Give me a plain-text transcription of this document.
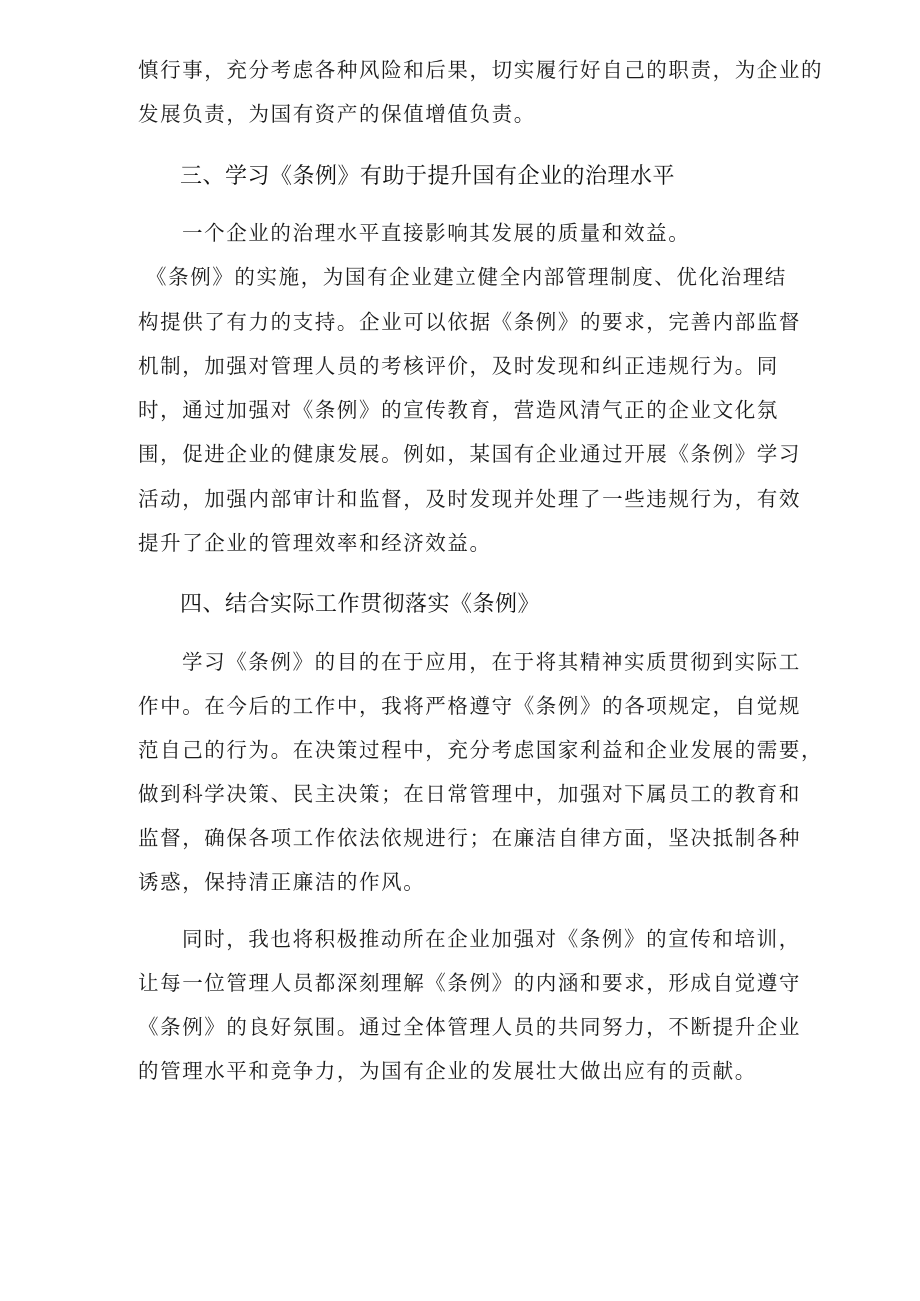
慎行事，充分考虑各种风险和后果，切实履行好自己的职责，为企业的
发展负责，为国有资产的保值增值负责。
三、学习《条例》有助于提升国有企业的治理水平
一个企业的治理水平直接影响其发展的质量和效益。
《条例》的实施，为国有企业建立健全内部管理制度、优化治理结
构提供了有力的支持。企业可以依据《条例》的要求，完善内部监督
机制，加强对管理人员的考核评价，及时发现和纠正违规行为。同
时，通过加强对《条例》的宣传教育，营造风清气正的企业文化氛
围，促进企业的健康发展。例如，某国有企业通过开展《条例》学习
活动，加强内部审计和监督，及时发现并处理了一些违规行为，有效
提升了企业的管理效率和经济效益。
四、结合实际工作贯彻落实《条例》
学习《条例》的目的在于应用，在于将其精神实质贯彻到实际工
作中。在今后的工作中，我将严格遵守《条例》的各项规定，自觉规
范自己的行为。在决策过程中，充分考虑国家利益和企业发展的需要，
做到科学决策、民主决策；在日常管理中，加强对下属员工的教育和
监督，确保各项工作依法依规进行；在廉洁自律方面，坚决抵制各种
诱惑，保持清正廉洁的作风。
同时，我也将积极推动所在企业加强对《条例》的宣传和培训，
让每一位管理人员都深刻理解《条例》的内涵和要求，形成自觉遵守
《条例》的良好氛围。通过全体管理人员的共同努力，不断提升企业
的管理水平和竞争力，为国有企业的发展壮大做出应有的贡献。
